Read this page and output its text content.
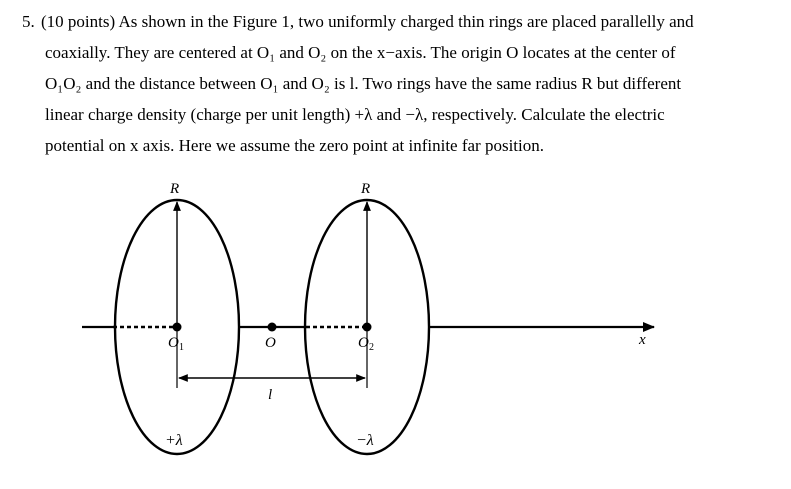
5. (10 points) As shown in the Figure 1, two uniformly charged thin rings are placed parallelly and
coaxially. They are centered at O₁ and O₂ on the x−axis. The origin O locates at the center of
O₁O₂ and the distance between O₁ and O₂ is l. Two rings have the same radius R but different
linear charge density (charge per unit length) +λ and −λ, respectively. Calculate the electric
potential on x axis. Here we assume the zero point at infinite far position.
R	R
O 1	O	O 2	x
l
+λ	−λ
